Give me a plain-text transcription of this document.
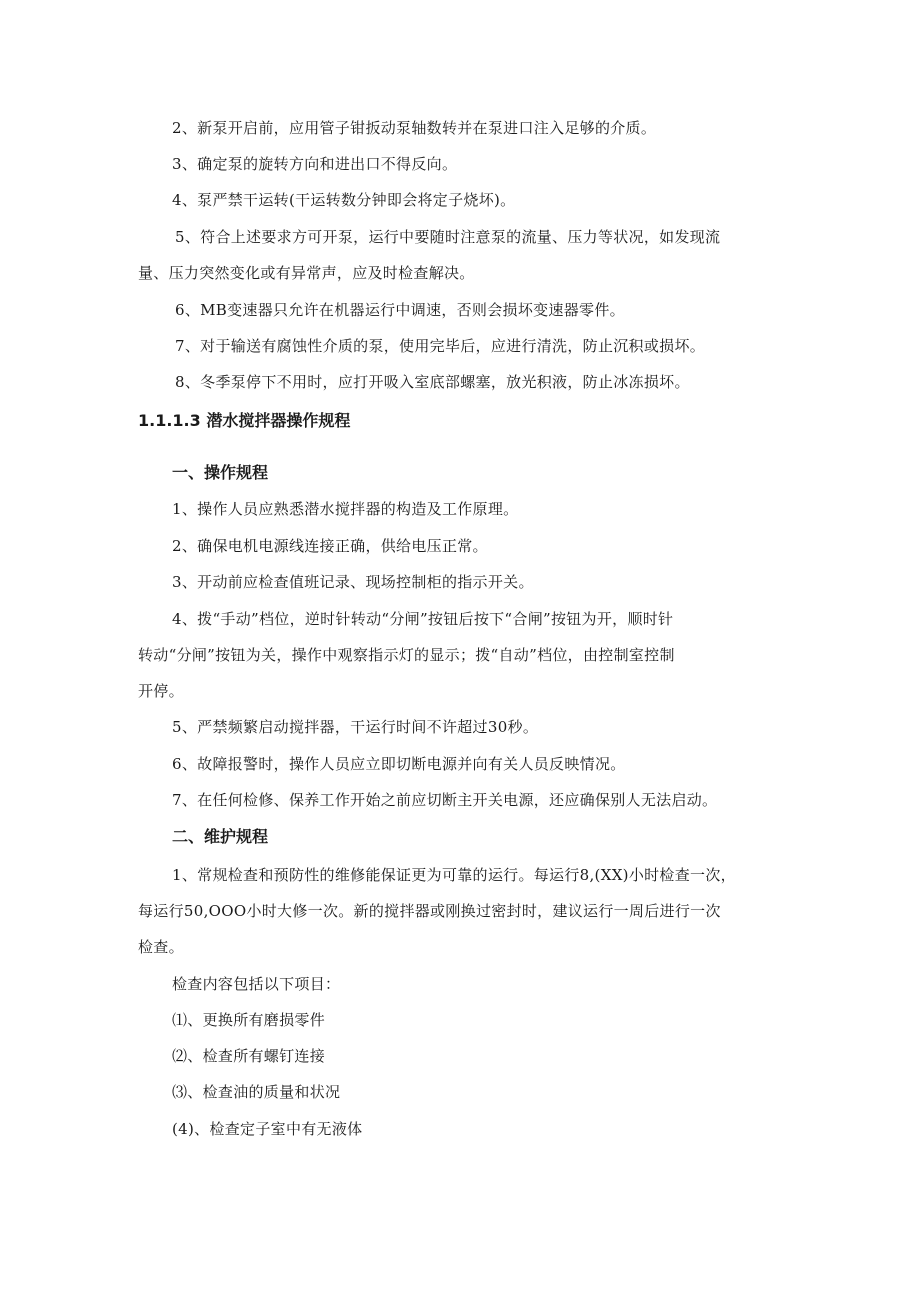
2、新泵开启前，应用管子钳扳动泵轴数转并在泵进口注入足够的介质。
3、确定泵的旋转方向和进出口不得反向。
4、泵严禁干运转(干运转数分钟即会将定子烧坏)。
5、符合上述要求方可开泵，运行中要随时注意泵的流量、压力等状况，如发现流
量、压力突然变化或有异常声，应及时检查解决。
6、MB变速器只允许在机器运行中调速，否则会损坏变速器零件。
7、对于输送有腐蚀性介质的泵，使用完毕后，应进行清洗，防止沉积或损坏。
8、冬季泵停下不用时，应打开吸入室底部螺塞，放光积液，防止冰冻损坏。
1.1.1.3 潜水搅拌器操作规程
一、操作规程
1、操作人员应熟悉潜水搅拌器的构造及工作原理。
2、确保电机电源线连接正确，供给电压正常。
3、开动前应检查值班记录、现场控制柜的指示开关。
4、拨“手动”档位，逆时针转动“分闸”按钮后按下“合闸”按钮为开，顺时针
转动“分闸”按钮为关，操作中观察指示灯的显示；拨“自动”档位，由控制室控制
开停。
5、严禁频繁启动搅拌器，干运行时间不许超过30秒。
6、故障报警时，操作人员应立即切断电源并向有关人员反映情况。
7、在任何检修、保养工作开始之前应切断主开关电源，还应确保别人无法启动。
二、维护规程
1、常规检查和预防性的维修能保证更为可靠的运行。每运行8,(XX)小时检查一次，
每运行50,OOO小时大修一次。新的搅拌器或刚换过密封时，建议运行一周后进行一次
检查。
检查内容包括以下项目：
⑴、更换所有磨损零件
⑵、检查所有螺钉连接
⑶、检查油的质量和状况
(4)、检查定子室中有无液体
